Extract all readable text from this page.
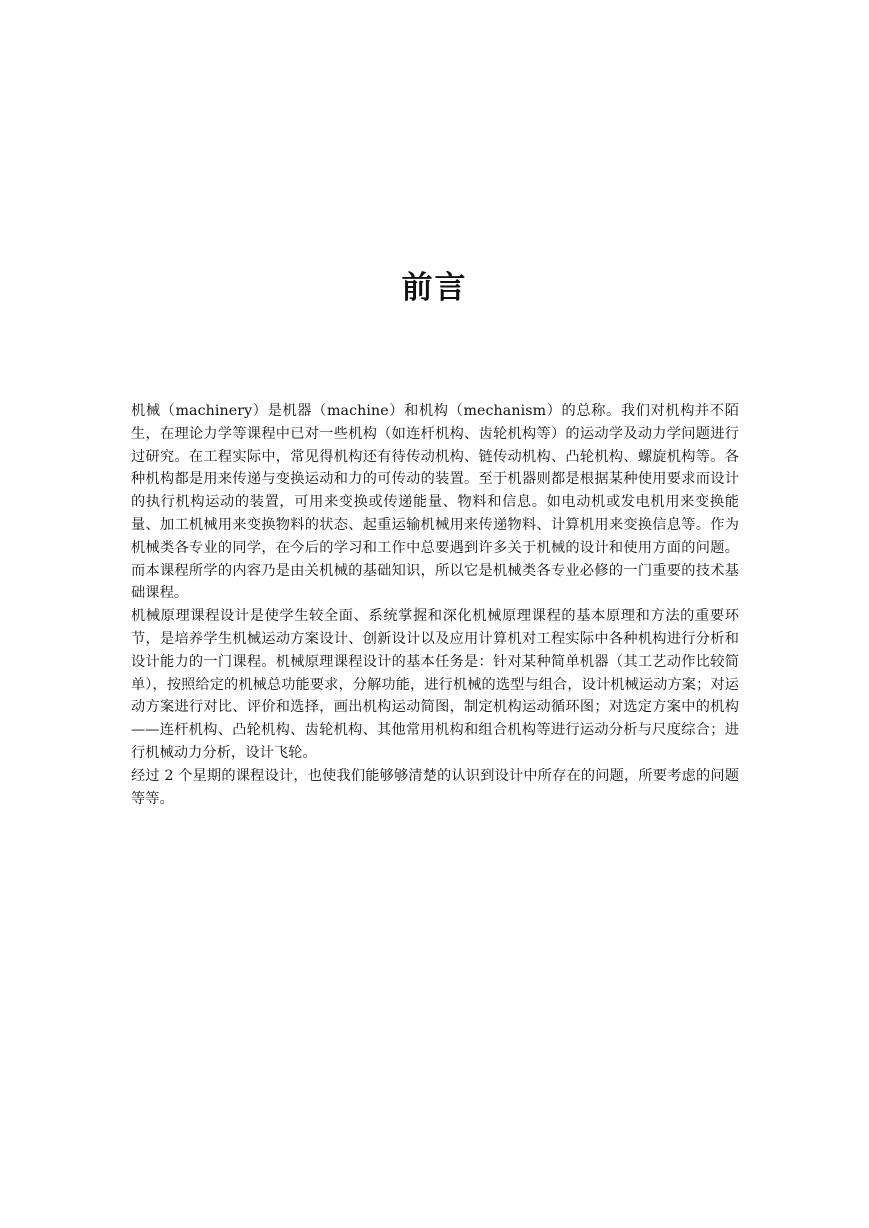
前言

机械（machinery）是机器（machine）和机构（mechanism）的总称。我们对机构并不陌生，在理论力学等课程中已对一些机构（如连杆机构、齿轮机构等）的运动学及动力学问题进行过研究。在工程实际中，常见得机构还有待传动机构、链传动机构、凸轮机构、螺旋机构等。各种机构都是用来传递与变换运动和力的可传动的装置。至于机器则都是根据某种使用要求而设计的执行机构运动的装置，可用来变换或传递能量、物料和信息。如电动机或发电机用来变换能量、加工机械用来变换物料的状态、起重运输机械用来传递物料、计算机用来变换信息等。作为机械类各专业的同学，在今后的学习和工作中总要遇到许多关于机械的设计和使用方面的问题。而本课程所学的内容乃是由关机械的基础知识，所以它是机械类各专业必修的一门重要的技术基础课程。

机械原理课程设计是使学生较全面、系统掌握和深化机械原理课程的基本原理和方法的重要环节，是培养学生机械运动方案设计、创新设计以及应用计算机对工程实际中各种机构进行分析和设计能力的一门课程。机械原理课程设计的基本任务是：针对某种简单机器（其工艺动作比较简单），按照给定的机械总功能要求，分解功能，进行机械的选型与组合，设计机械运动方案；对运动方案进行对比、评价和选择，画出机构运动简图，制定机构运动循环图；对选定方案中的机构——连杆机构、凸轮机构、齿轮机构、其他常用机构和组合机构等进行运动分析与尺度综合；进行机械动力分析，设计飞轮。

经过 2 个星期的课程设计，也使我们能够够清楚的认识到设计中所存在的问题，所要考虑的问题等等。
